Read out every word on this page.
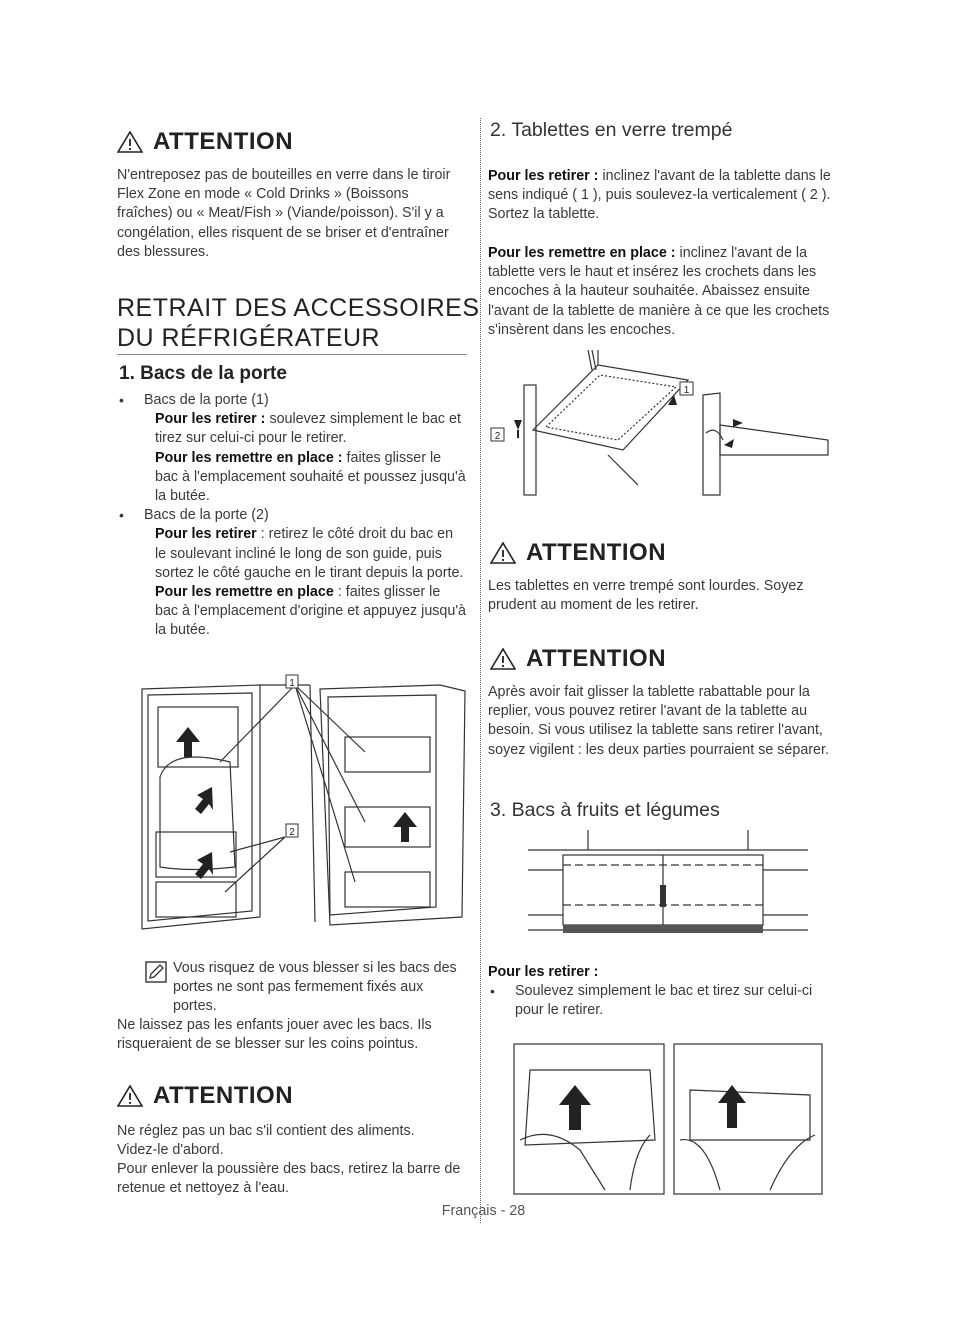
ATTENTION
N'entreposez pas de bouteilles en verre dans le tiroir Flex Zone en mode « Cold Drinks » (Boissons fraîches) ou « Meat/Fish » (Viande/poisson). S'il y a congélation, elles risquent de se briser et d'entraîner des blessures.
RETRAIT DES ACCESSOIRES
DU RÉFRIGÉRATEUR
1. Bacs de la porte
• Bacs de la porte (1)
Pour les retirer : soulevez simplement le bac et tirez sur celui-ci pour le retirer.
Pour les remettre en place : faites glisser le bac à l'emplacement souhaité et poussez jusqu'à la butée.
• Bacs de la porte (2)
Pour les retirer : retirez le côté droit du bac en le soulevant incliné le long de son guide, puis sortez le côté gauche en le tirant depuis la porte.
Pour les remettre en place : faites glisser le bac à l'emplacement d'origine et appuyez jusqu'à la butée.
1
2
Vous risquez de vous blesser si les bacs des portes ne sont pas fermement fixés aux portes.
Ne laissez pas les enfants jouer avec les bacs. Ils risqueraient de se blesser sur les coins pointus.
ATTENTION
Ne réglez pas un bac s'il contient des aliments. Videz-le d'abord.
Pour enlever la poussière des bacs, retirez la barre de retenue et nettoyez à l'eau.
2. Tablettes en verre trempé
Pour les retirer : inclinez l'avant de la tablette dans le sens indiqué ( 1 ), puis soulevez-la verticalement ( 2 ). Sortez la tablette.
Pour les remettre en place : inclinez l'avant de la tablette vers le haut et insérez les crochets dans les encoches à la hauteur souhaitée. Abaissez ensuite l'avant de la tablette de manière à ce que les crochets s'insèrent dans les encoches.
1
2
ATTENTION
Les tablettes en verre trempé sont lourdes. Soyez prudent au moment de les retirer.
ATTENTION
Après avoir fait glisser la tablette rabattable pour la replier, vous pouvez retirer l'avant de la tablette au besoin. Si vous utilisez la tablette sans retirer l'avant, soyez vigilent : les deux parties pourraient se séparer.
3. Bacs à fruits et légumes
Pour les retirer :
• Soulevez simplement le bac et tirez sur celui-ci pour le retirer.
Français - 28
